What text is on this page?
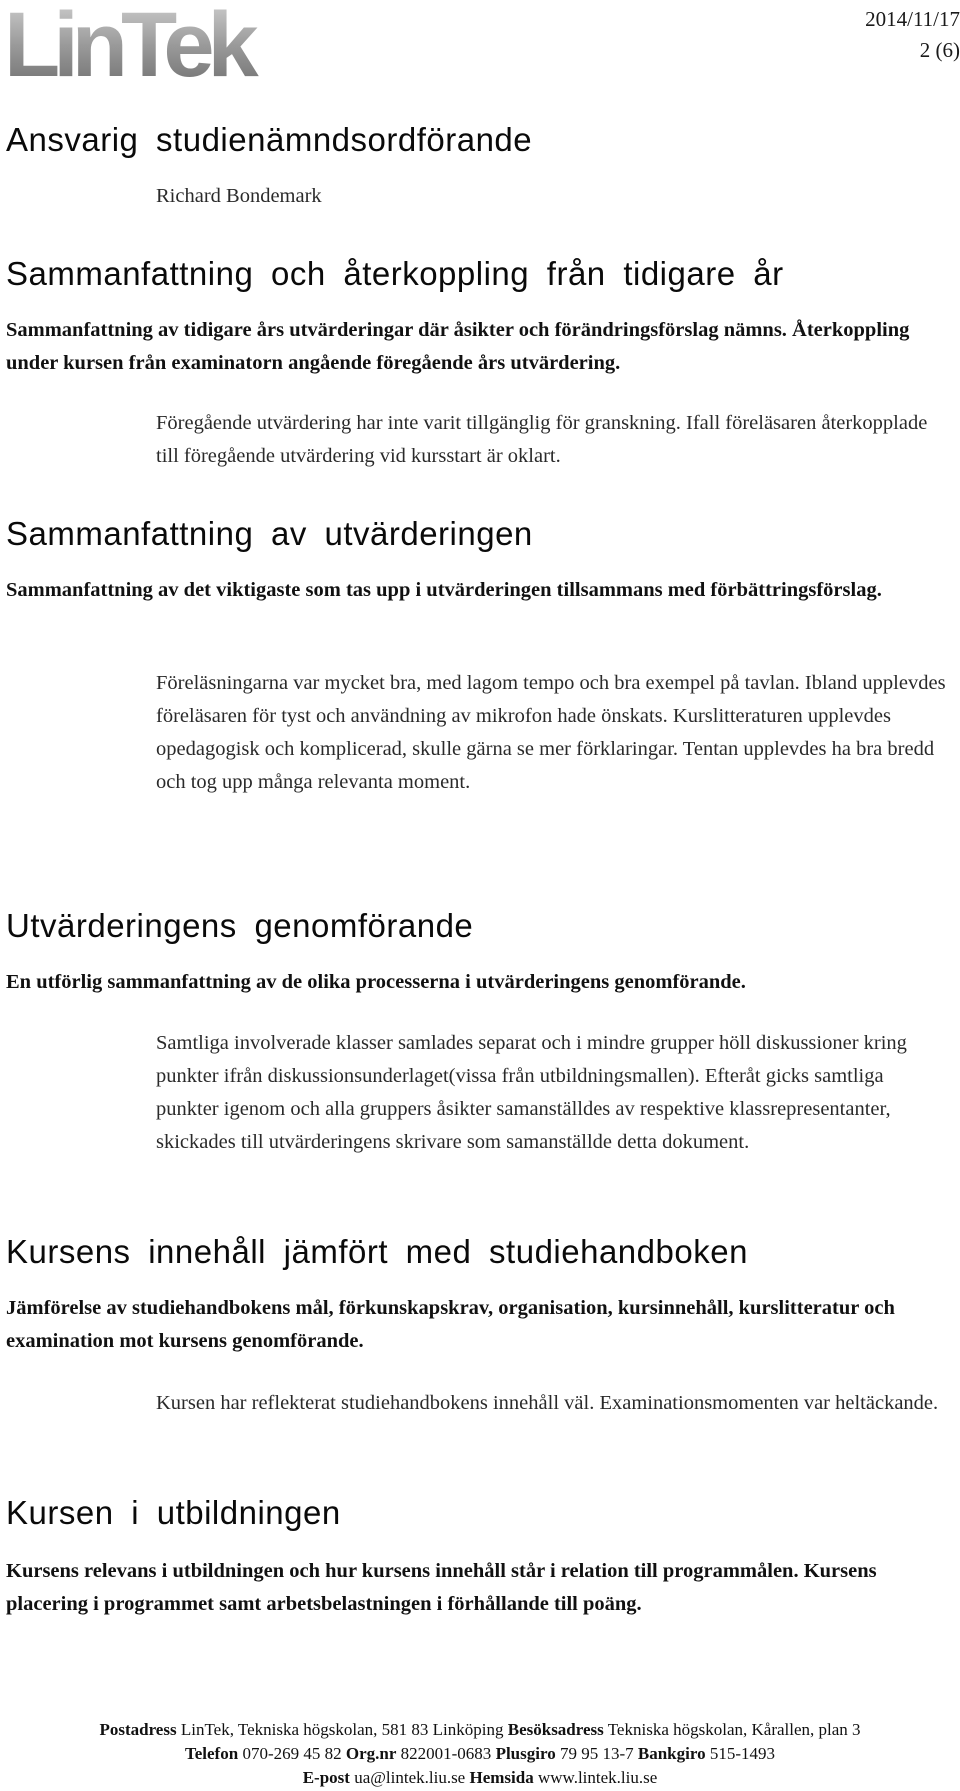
LinTek	2014/11/17
2 (6)
Ansvarig studienämndsordförande

Richard Bondemark

Sammanfattning och återkoppling från tidigare år

Sammanfattning av tidigare års utvärderingar där åsikter och förändringsförslag nämns. Återkoppling under kursen från examinatorn angående föregående års utvärdering.

Föregående utvärdering har inte varit tillgänglig för granskning. Ifall föreläsaren återkopplade till föregående utvärdering vid kursstart är oklart.

Sammanfattning av utvärderingen

Sammanfattning av det viktigaste som tas upp i utvärderingen tillsammans med förbättringsförslag.

Föreläsningarna var mycket bra, med lagom tempo och bra exempel på tavlan. Ibland upplevdes föreläsaren för tyst och användning av mikrofon hade önskats. Kurslitteraturen upplevdes opedagogisk och komplicerad, skulle gärna se mer förklaringar. Tentan upplevdes ha bra bredd och tog upp många relevanta moment.

Utvärderingens genomförande

En utförlig sammanfattning av de olika processerna i utvärderingens genomförande.

Samtliga involverade klasser samlades separat och i mindre grupper höll diskussioner kring punkter ifrån diskussionsunderlaget(vissa från utbildningsmallen). Efteråt gicks samtliga punkter igenom och alla gruppers åsikter samanställdes av respektive klassrepresentanter, skickades till utvärderingens skrivare som samanställde detta dokument.

Kursens innehåll jämfört med studiehandboken

Jämförelse av studiehandbokens mål, förkunskapskrav, organisation, kursinnehåll, kurslitteratur och examination mot kursens genomförande.

Kursen har reflekterat studiehandbokens innehåll väl. Examinationsmomenten var heltäckande.

Kursen i utbildningen

Kursens relevans i utbildningen och hur kursens innehåll står i relation till programmålen. Kursens placering i programmet samt arbetsbelastningen i förhållande till poäng.

Postadress LinTek, Tekniska högskolan, 581 83 Linköping Besöksadress Tekniska högskolan, Kårallen, plan 3
Telefon 070-269 45 82 Org.nr 822001-0683 Plusgiro 79 95 13-7 Bankgiro 515-1493
E-post ua@lintek.liu.se Hemsida www.lintek.liu.se
